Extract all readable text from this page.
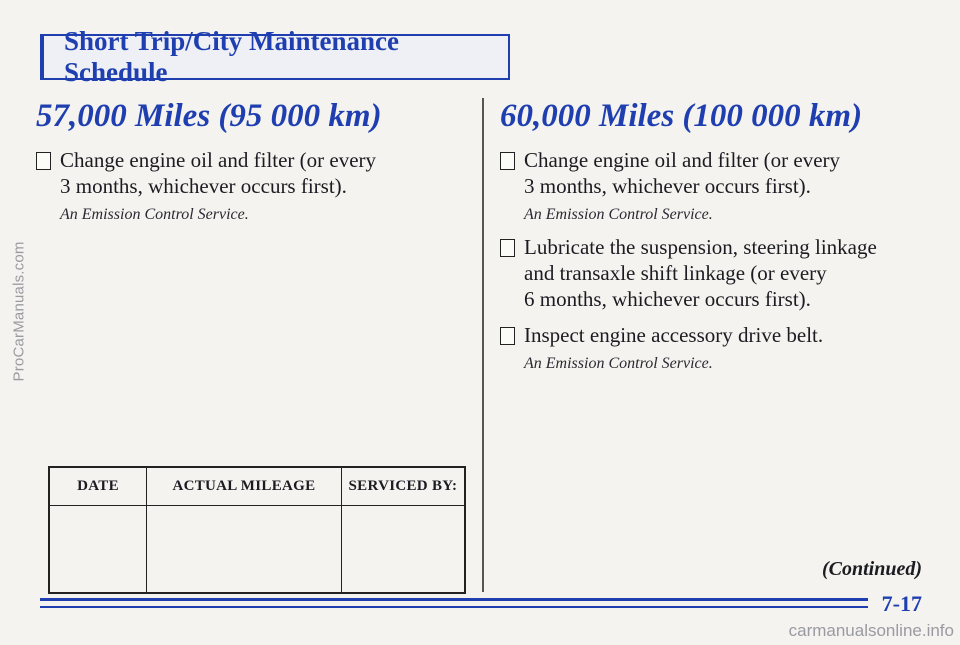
ProCarManuals.com
carmanualsonline.info
Short Trip/City Maintenance Schedule
57,000 Miles (95 000 km)
Change engine oil and filter (or every
3 months, whichever occurs first).
An Emission Control Service.
60,000 Miles (100 000 km)
Change engine oil and filter (or every
3 months, whichever occurs first).
An Emission Control Service.
Lubricate the suspension, steering linkage
and transaxle shift linkage (or every
6 months, whichever occurs first).
Inspect engine accessory drive belt.
An Emission Control Service.
DATE	ACTUAL MILEAGE	SERVICED BY:

(Continued)
7-17
